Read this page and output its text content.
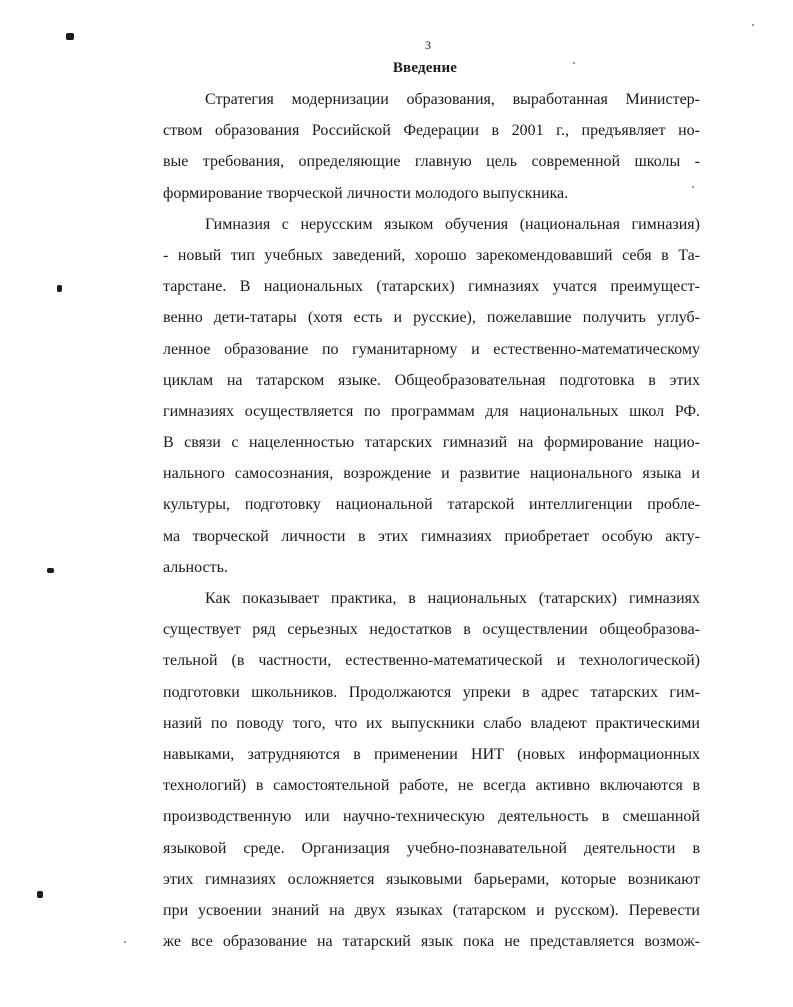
3
Введение
Стратегия модернизации образования, выработанная Министер-
ством образования Российской Федерации в 2001 г., предъявляет но-
вые требования, определяющие главную цель современной школы -
формирование творческой личности молодого выпускника.
Гимназия с нерусским языком обучения (национальная гимназия)
- новый тип учебных заведений, хорошо зарекомендовавший себя в Та-
тарстане. В национальных (татарских) гимназиях учатся преимущест-
венно дети-татары (хотя есть и русские), пожелавшие получить углуб-
ленное образование по гуманитарному и естественно-математическому
циклам на татарском языке. Общеобразовательная подготовка в этих
гимназиях осуществляется по программам для национальных школ РФ.
В связи с нацеленностью татарских гимназий на формирование нацио-
нального самосознания, возрождение и развитие национального языка и
культуры, подготовку национальной татарской интеллигенции пробле-
ма творческой личности в этих гимназиях приобретает особую акту-
альность.
Как показывает практика, в национальных (татарских) гимназиях
существует ряд серьезных недостатков в осуществлении общеобразова-
тельной (в частности, естественно-математической и технологической)
подготовки школьников. Продолжаются упреки в адрес татарских гим-
назий по поводу того, что их выпускники слабо владеют практическими
навыками, затрудняются в применении НИТ (новых информационных
технологий) в самостоятельной работе, не всегда активно включаются в
производственную или научно-техническую деятельность в смешанной
языковой среде. Организация учебно-познавательной деятельности в
этих гимназиях осложняется языковыми барьерами, которые возникают
при усвоении знаний на двух языках (татарском и русском). Перевести
же все образование на татарский язык пока не представляется возмож-
